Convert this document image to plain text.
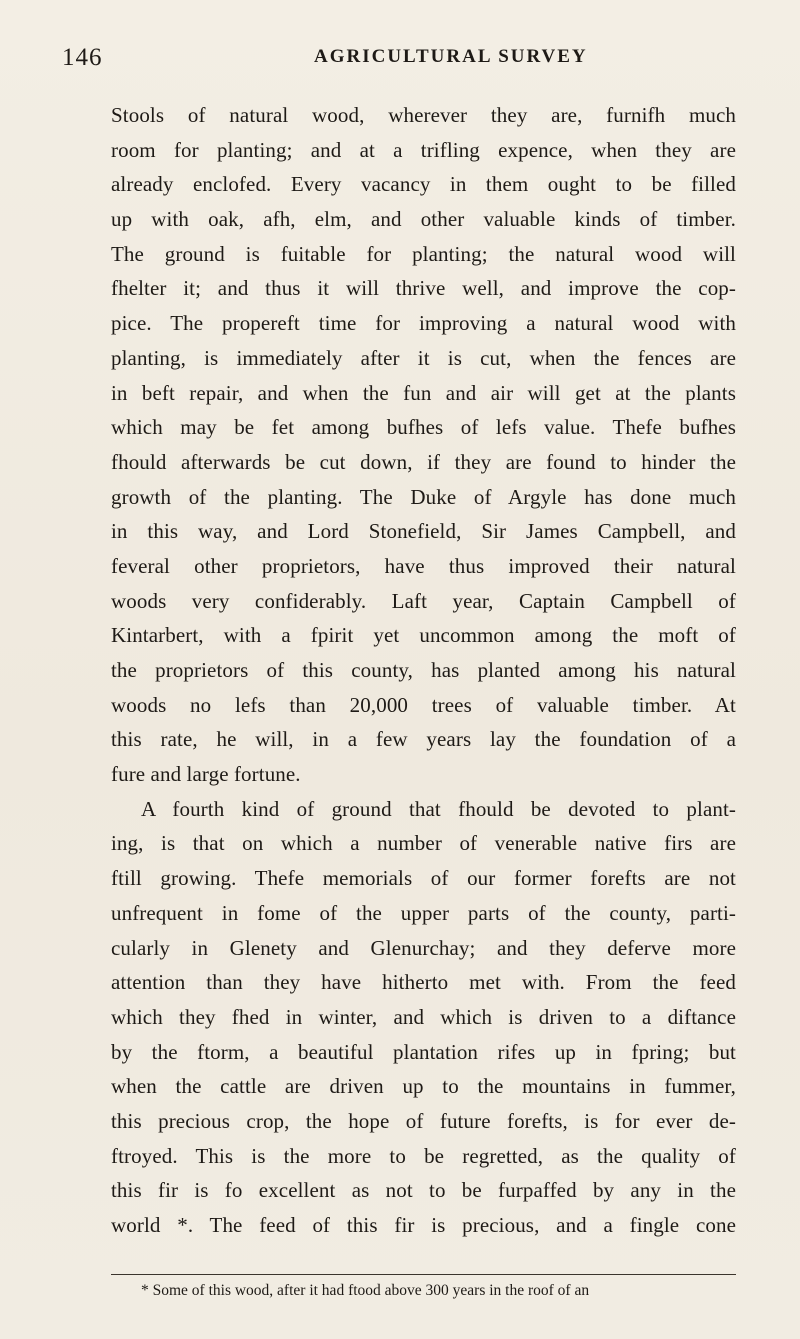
146	AGRICULTURAL SURVEY
Stools of natural wood, wherever they are, furnifh much
room for planting; and at a trifling expence, when they are
already enclofed. Every vacancy in them ought to be filled
up with oak, afh, elm, and other valuable kinds of timber.
The ground is fuitable for planting; the natural wood will
fhelter it; and thus it will thrive well, and improve the cop-
pice. The propereft time for improving a natural wood with
planting, is immediately after it is cut, when the fences are
in beft repair, and when the fun and air will get at the plants
which may be fet among bufhes of lefs value. Thefe bufhes
fhould afterwards be cut down, if they are found to hinder the
growth of the planting. The Duke of Argyle has done much
in this way, and Lord Stonefield, Sir James Campbell, and
feveral other proprietors, have thus improved their natural
woods very confiderably. Laft year, Captain Campbell of
Kintarbert, with a fpirit yet uncommon among the moft of
the proprietors of this county, has planted among his natural
woods no lefs than 20,000 trees of valuable timber. At
this rate, he will, in a few years lay the foundation of a
fure and large fortune.
A fourth kind of ground that fhould be devoted to plant-
ing, is that on which a number of venerable native firs are
ftill growing. Thefe memorials of our former forefts are not
unfrequent in fome of the upper parts of the county, parti-
cularly in Glenety and Glenurchay; and they deferve more
attention than they have hitherto met with. From the feed
which they fhed in winter, and which is driven to a diftance
by the ftorm, a beautiful plantation rifes up in fpring; but
when the cattle are driven up to the mountains in fummer,
this precious crop, the hope of future forefts, is for ever de-
ftroyed. This is the more to be regretted, as the quality of
this fir is fo excellent as not to be furpaffed by any in the
world *. The feed of this fir is precious, and a fingle cone
* Some of this wood, after it had ftood above 300 years in the roof of an
